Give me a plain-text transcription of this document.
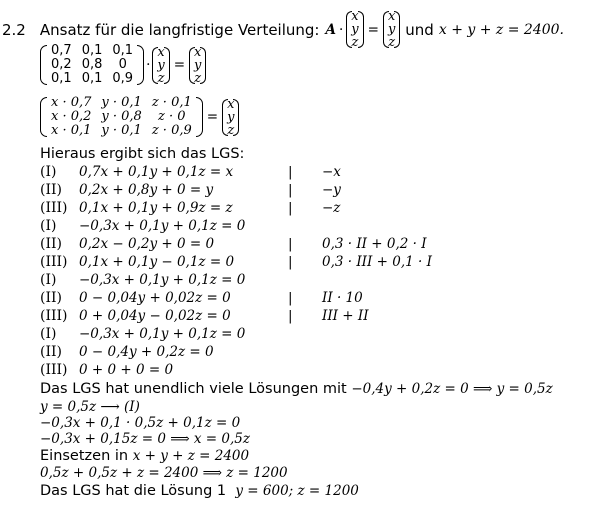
2.2 Ansatz für die langfristige Verteilung: A ·
x
y
z
=
x
y
z
und x + y + z = 2400.
0,7	0,1	0,1
0,2	0,8	0
0,1	0,1	0,9
·
x
y
z
=
x
y
z
x · 0,7	y · 0,1	z · 0,1
x · 0,2	y · 0,8	z · 0
x · 0,1	y · 0,1	z · 0,9
=
x
y
z
Hieraus ergibt sich das LGS:
(I) 0,7x + 0,1y + 0,1z = x	| −x
(II) 0,2x + 0,8y + 0 = y	| −y
(III) 0,1x + 0,1y + 0,9z = z	| −z
(I) −0,3x + 0,1y + 0,1z = 0
(II) 0,2x − 0,2y + 0 = 0	| 0,3 · II + 0,2 · I
(III) 0,1x + 0,1y − 0,1z = 0	| 0,3 · III + 0,1 · I
(I) −0,3x + 0,1y + 0,1z = 0
(II) 0 − 0,04y + 0,02z = 0	| II · 10
(III) 0 + 0,04y − 0,02z = 0	| III + II
(I) −0,3x + 0,1y + 0,1z = 0
(II) 0 − 0,4y + 0,2z = 0
(III) 0 + 0 + 0 = 0
Das LGS hat unendlich viele Lösungen mit −0,4y + 0,2z = 0 ⟹ y = 0,5z
y = 0,5z ⟶ (I)
−0,3x + 0,1 · 0,5z + 0,1z = 0
−0,3x + 0,15z = 0 ⟹ x = 0,5z
Einsetzen in x + y + z = 2400
0,5z + 0,5z + z = 2400 ⟹ z = 1200
Das LGS hat die Lösung 1 y = 600; z = 1200
